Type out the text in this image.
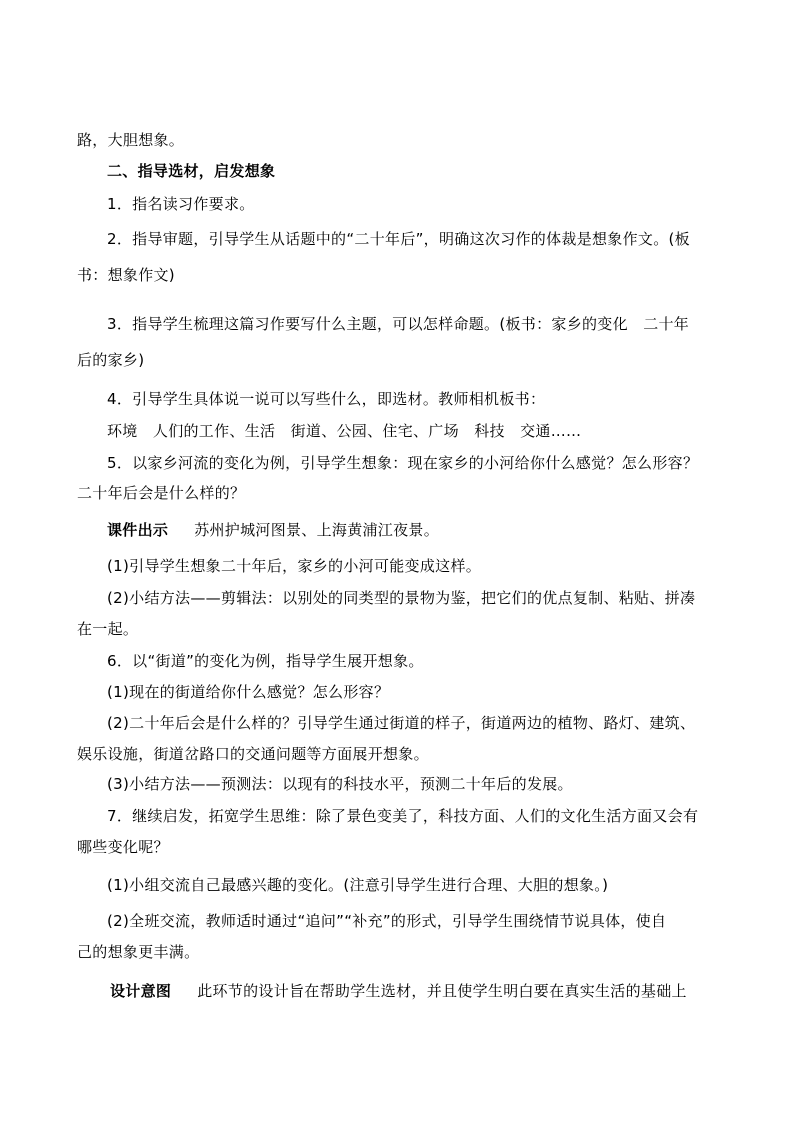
路，大胆想象。

二、指导选材，启发想象

1．指名读习作要求。

2．指导审题，引导学生从话题中的“二十年后”，明确这次习作的体裁是想象作文。(板

书：想象作文)

3．指导学生梳理这篇习作要写什么主题，可以怎样命题。(板书：家乡的变化　二十年

后的家乡)

4．引导学生具体说一说可以写些什么，即选材。教师相机板书：

环境　人们的工作、生活　街道、公园、住宅、广场　科技　交通……

5．以家乡河流的变化为例，引导学生想象：现在家乡的小河给你什么感觉？怎么形容？

二十年后会是什么样的？

课件出示 苏州护城河图景、上海黄浦江夜景。

(1)引导学生想象二十年后，家乡的小河可能变成这样。

(2)小结方法——剪辑法：以别处的同类型的景物为鉴，把它们的优点复制、粘贴、拼凑

在一起。

6．以“街道”的变化为例，指导学生展开想象。

(1)现在的街道给你什么感觉？怎么形容？

(2)二十年后会是什么样的？引导学生通过街道的样子，街道两边的植物、路灯、建筑、

娱乐设施，街道岔路口的交通问题等方面展开想象。

(3)小结方法——预测法：以现有的科技水平，预测二十年后的发展。

7．继续启发，拓宽学生思维：除了景色变美了，科技方面、人们的文化生活方面又会有

哪些变化呢？

(1)小组交流自己最感兴趣的变化。(注意引导学生进行合理、大胆的想象。)

(2)全班交流，教师适时通过“追问”“补充”的形式，引导学生围绕情节说具体，使自

己的想象更丰满。

设计意图 此环节的设计旨在帮助学生选材，并且使学生明白要在真实生活的基础上
